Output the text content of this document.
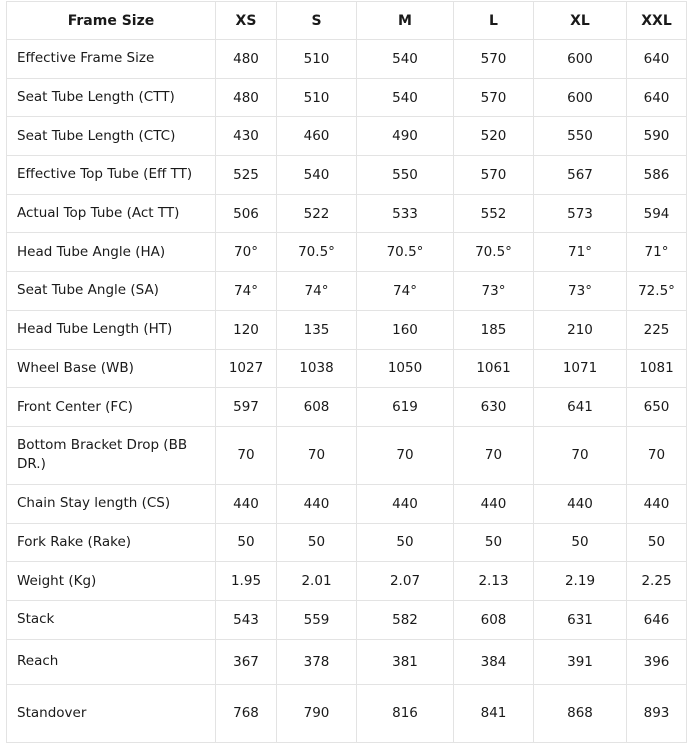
Frame Size	XS	S	M	L	XL	XXL
Effective Frame Size	480	510	540	570	600	640
Seat Tube Length (CTT)	480	510	540	570	600	640
Seat Tube Length (CTC)	430	460	490	520	550	590
Effective Top Tube (Eff TT)	525	540	550	570	567	586
Actual Top Tube (Act TT)	506	522	533	552	573	594
Head Tube Angle (HA)	70°	70.5°	70.5°	70.5°	71°	71°
Seat Tube Angle (SA)	74°	74°	74°	73°	73°	72.5°
Head Tube Length (HT)	120	135	160	185	210	225
Wheel Base (WB)	1027	1038	1050	1061	1071	1081
Front Center (FC)	597	608	619	630	641	650
Bottom Bracket Drop (BB DR.)	70	70	70	70	70	70
Chain Stay length (CS)	440	440	440	440	440	440
Fork Rake (Rake)	50	50	50	50	50	50
Weight (Kg)	1.95	2.01	2.07	2.13	2.19	2.25
Stack	543	559	582	608	631	646
Reach	367	378	381	384	391	396
Standover	768	790	816	841	868	893
